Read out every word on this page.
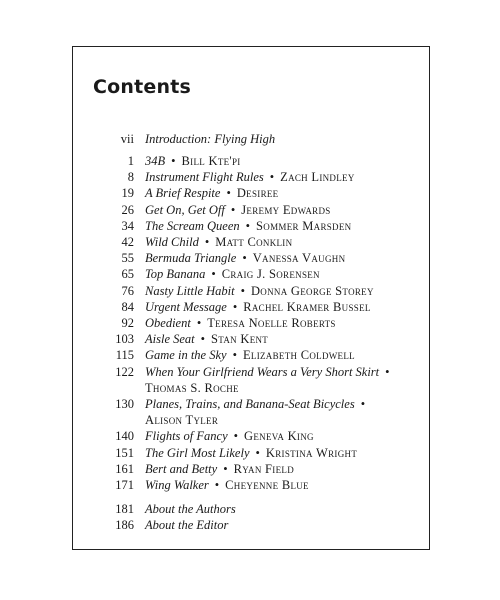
Contents
vii Introduction: Flying High
1 34B • Bill Kte'pi
8 Instrument Flight Rules • Zach Lindley
19 A Brief Respite • Desiree
26 Get On, Get Off • Jeremy Edwards
34 The Scream Queen • Sommer Marsden
42 Wild Child • Matt Conklin
55 Bermuda Triangle • Vanessa Vaughn
65 Top Banana • Craig J. Sorensen
76 Nasty Little Habit • Donna George Storey
84 Urgent Message • Rachel Kramer Bussel
92 Obedient • Teresa Noelle Roberts
103 Aisle Seat • Stan Kent
115 Game in the Sky • Elizabeth Coldwell
122 When Your Girlfriend Wears a Very Short Skirt •
Thomas S. Roche
130 Planes, Trains, and Banana-Seat Bicycles •
Alison Tyler
140 Flights of Fancy • Geneva King
151 The Girl Most Likely • Kristina Wright
161 Bert and Betty • Ryan Field
171 Wing Walker • Cheyenne Blue
181 About the Authors
186 About the Editor
